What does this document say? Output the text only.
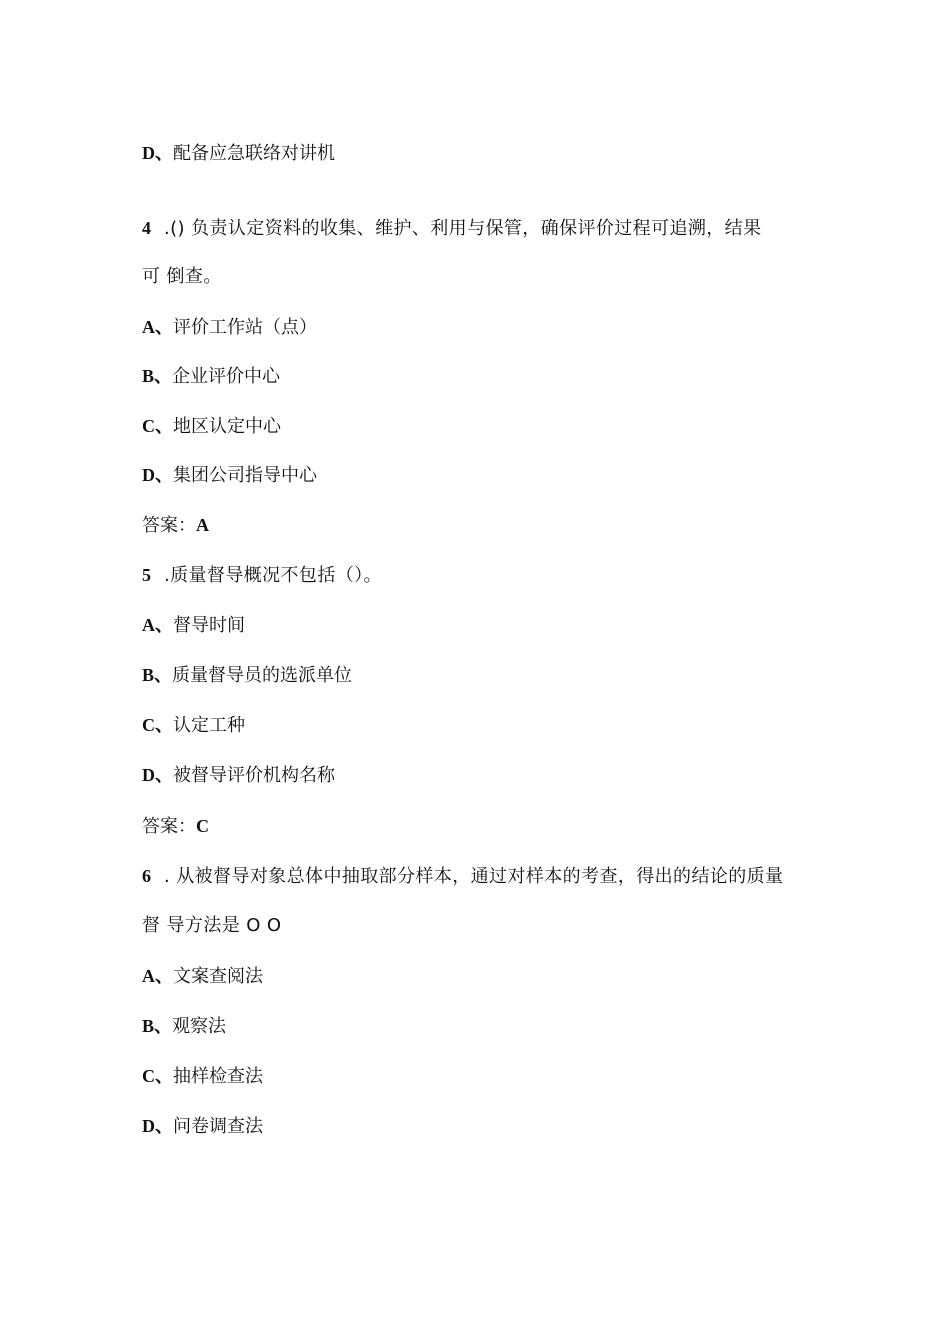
D、配备应急联络对讲机
4 .() 负责认定资料的收集、维护、利用与保管，确保评价过程可追溯，结果
可 倒查。
A、评价工作站（点）
B、企业评价中心
C、地区认定中心
D、集团公司指导中心
答案：A
5 .质量督导概况不包括（）。
A、督导时间
B、质量督导员的选派单位
C、认定工种
D、被督导评价机构名称
答案：C
6 . 从被督导对象总体中抽取部分样本，通过对样本的考查，得出的结论的质量
督 导方法是 O O
A、文案查阅法
B、观察法
C、抽样检查法
D、问卷调查法
